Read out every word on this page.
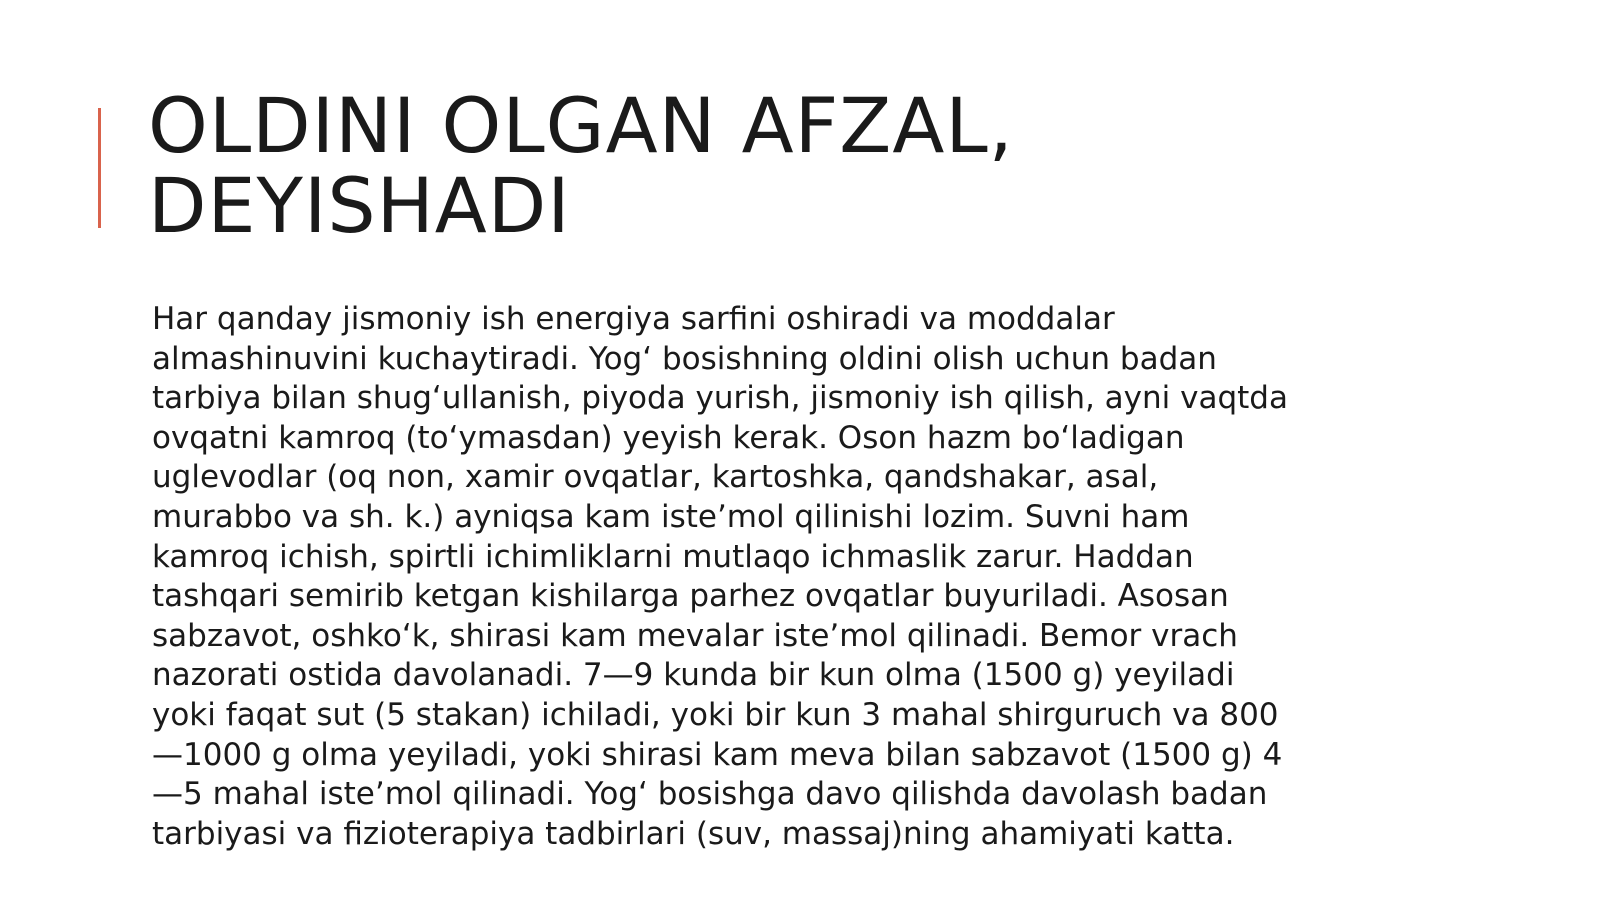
OLDINI OLGAN AFZAL,
DEYISHADI

Har qanday jismoniy ish energiya sarfini oshiradi va moddalar
almashinuvini kuchaytiradi. Yog‘ bosishning oldini olish uchun badan
tarbiya bilan shug‘ullanish, piyoda yurish, jismoniy ish qilish, ayni vaqtda
ovqatni kamroq (to‘ymasdan) yeyish kerak. Oson hazm bo‘ladigan
uglevodlar (oq non, xamir ovqatlar, kartoshka, qandshakar, asal,
murabbo va sh. k.) ayniqsa kam iste’mol qilinishi lozim. Suvni ham
kamroq ichish, spirtli ichimliklarni mutlaqo ichmaslik zarur. Haddan
tashqari semirib ketgan kishilarga parhez ovqatlar buyuriladi. Asosan
sabzavot, oshko‘k, shirasi kam mevalar iste’mol qilinadi. Bemor vrach
nazorati ostida davolanadi. 7—9 kunda bir kun olma (1500 g) yeyiladi
yoki faqat sut (5 stakan) ichiladi, yoki bir kun 3 mahal shirguruch va 800
—1000 g olma yeyiladi, yoki shirasi kam meva bilan sabzavot (1500 g) 4
—5 mahal iste’mol qilinadi. Yog‘ bosishga davo qilishda davolash badan
tarbiyasi va fizioterapiya tadbirlari (suv, massaj)ning ahamiyati katta.
